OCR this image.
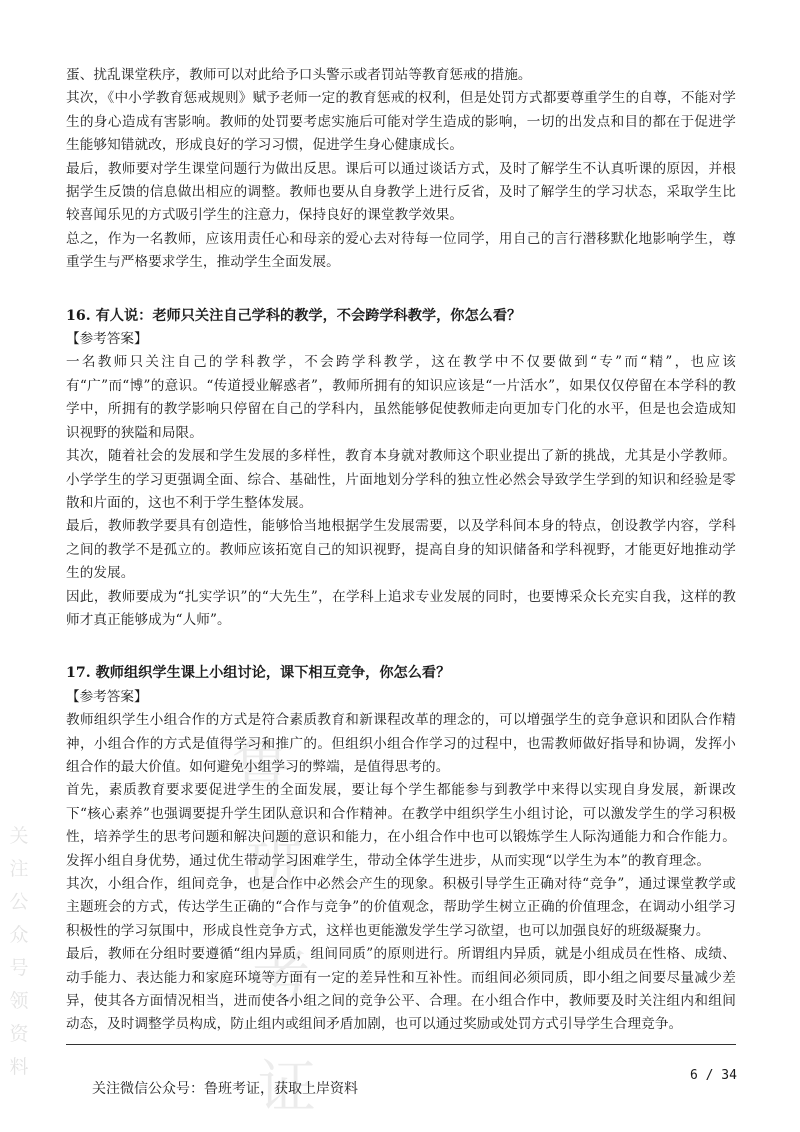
鲁
班
考
证
关注公众号领资料

蛋、扰乱课堂秩序，教师可以对此给予口头警示或者罚站等教育惩戒的措施。

其次，《中小学教育惩戒规则》赋予老师一定的教育惩戒的权利，但是处罚方式都要尊重学生的自尊，不能对学生的身心造成有害影响。教师的处罚要考虑实施后可能对学生造成的影响，一切的出发点和目的都在于促进学生能够知错就改，形成良好的学习习惯，促进学生身心健康成长。

最后，教师要对学生课堂问题行为做出反思。课后可以通过谈话方式，及时了解学生不认真听课的原因，并根据学生反馈的信息做出相应的调整。教师也要从自身教学上进行反省，及时了解学生的学习状态，采取学生比较喜闻乐见的方式吸引学生的注意力，保持良好的课堂教学效果。

总之，作为一名教师，应该用责任心和母亲的爱心去对待每一位同学，用自己的言行潜移默化地影响学生，尊重学生与严格要求学生，推动学生全面发展。

16. 有人说：老师只关注自己学科的教学，不会跨学科教学，你怎么看？

【参考答案】

一名教师只关注自己的学科教学，不会跨学科教学，这在教学中不仅要做到“专”而“精”，也应该有“广”而“博”的意识。“传道授业解惑者”，教师所拥有的知识应该是“一片活水”，如果仅仅停留在本学科的教学中，所拥有的教学影响只停留在自己的学科内，虽然能够促使教师走向更加专门化的水平，但是也会造成知识视野的狭隘和局限。

其次，随着社会的发展和学生发展的多样性，教育本身就对教师这个职业提出了新的挑战，尤其是小学教师。小学学生的学习更强调全面、综合、基础性，片面地划分学科的独立性必然会导致学生学到的知识和经验是零散和片面的，这也不利于学生整体发展。

最后，教师教学要具有创造性，能够恰当地根据学生发展需要，以及学科间本身的特点，创设教学内容，学科之间的教学不是孤立的。教师应该拓宽自己的知识视野，提高自身的知识储备和学科视野，才能更好地推动学生的发展。

因此，教师要成为“扎实学识”的“大先生”，在学科上追求专业发展的同时，也要博采众长充实自我，这样的教师才真正能够成为“人师”。

17. 教师组织学生课上小组讨论，课下相互竞争，你怎么看？

【参考答案】

教师组织学生小组合作的方式是符合素质教育和新课程改革的理念的，可以增强学生的竞争意识和团队合作精神，小组合作的方式是值得学习和推广的。但组织小组合作学习的过程中，也需教师做好指导和协调，发挥小组合作的最大价值。如何避免小组学习的弊端，是值得思考的。

首先，素质教育要求要促进学生的全面发展，要让每个学生都能参与到教学中来得以实现自身发展，新课改下“核心素养”也强调要提升学生团队意识和合作精神。在教学中组织学生小组讨论，可以激发学生的学习积极性，培养学生的思考问题和解决问题的意识和能力，在小组合作中也可以锻炼学生人际沟通能力和合作能力。发挥小组自身优势，通过优生带动学习困难学生，带动全体学生进步，从而实现“以学生为本”的教育理念。

其次，小组合作，组间竞争，也是合作中必然会产生的现象。积极引导学生正确对待“竞争”，通过课堂教学或主题班会的方式，传达学生正确的“合作与竞争”的价值观念，帮助学生树立正确的价值理念，在调动小组学习积极性的学习氛围中，形成良性竞争方式，这样也更能激发学生学习欲望，也可以加强良好的班级凝聚力。

最后，教师在分组时要遵循“组内异质，组间同质”的原则进行。所谓组内异质，就是小组成员在性格、成绩、动手能力、表达能力和家庭环境等方面有一定的差异性和互补性。而组间必须同质，即小组之间要尽量减少差异，使其各方面情况相当，进而使各小组之间的竞争公平、合理。在小组合作中，教师要及时关注组内和组间动态，及时调整学员构成，防止组内或组间矛盾加剧，也可以通过奖励或处罚方式引导学生合理竞争。

关注微信公众号：鲁班考证，获取上岸资料
6 / 34
